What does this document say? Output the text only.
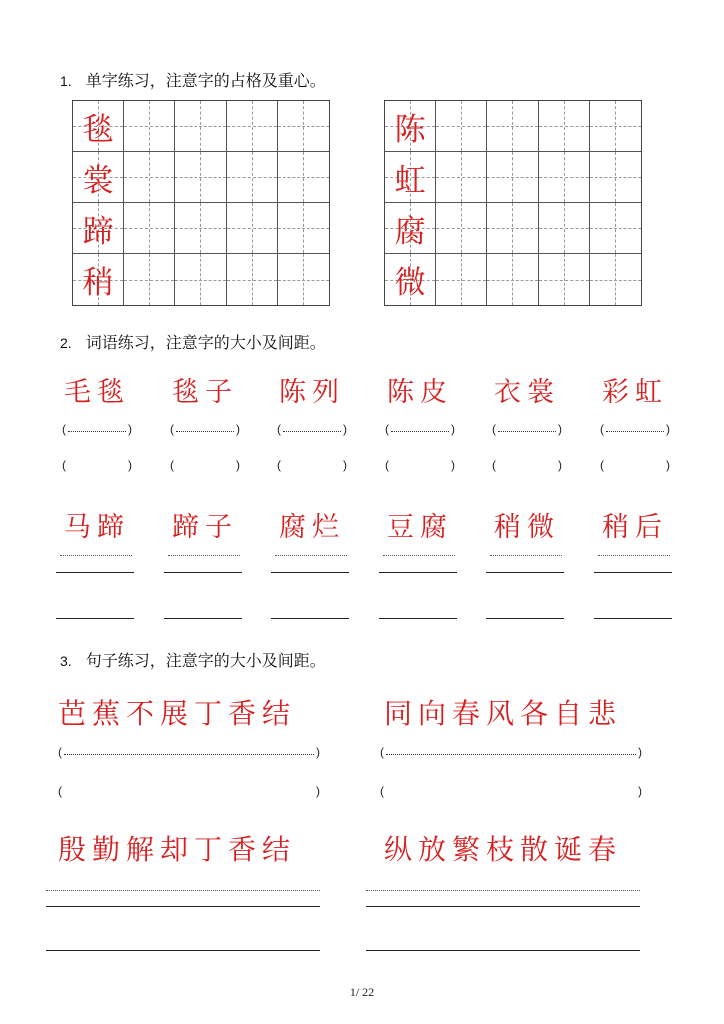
1. 单字练习，注意字的占格及重心。
毯
裳
蹄
稍
陈
虹
腐
微
2. 词语练习，注意字的大小及间距。
毛毯
(	)
(	)
马蹄
毯子
(	)
(	)
蹄子
陈列
(	)
(	)
腐烂
陈皮
(	)
(	)
豆腐
衣裳
(	)
(	)
稍微
彩虹
(	)
(	)
稍后
3. 句子练习，注意字的大小及间距。
芭蕉不展丁香结	同向春风各自悲
(	)	(	)
(	)	(	)
殷勤解却丁香结	纵放繁枝散诞春
1/ 22
